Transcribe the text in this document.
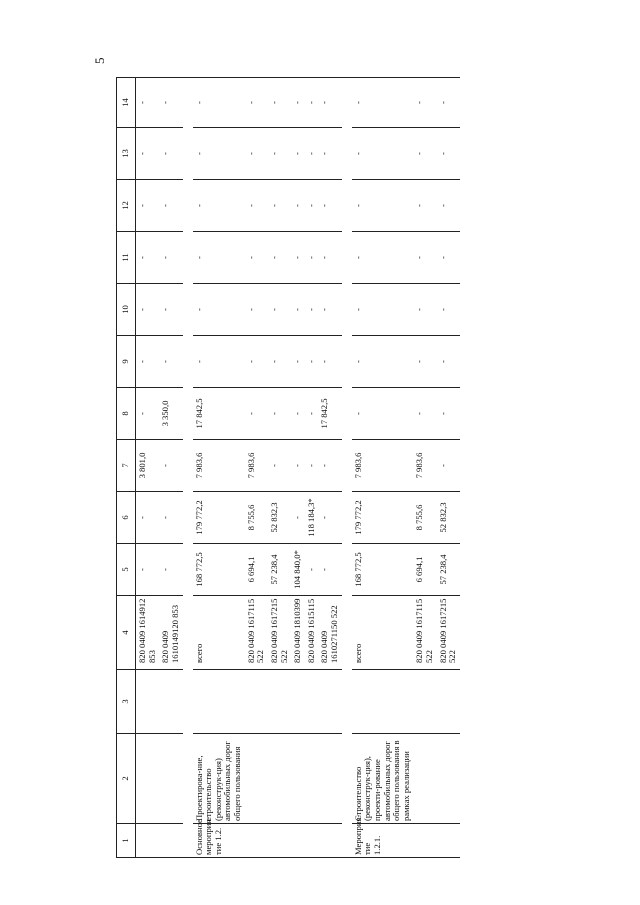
5
1	2	3	4	5	6	7	8	9	10	11	12	13	14
			820 0409 1614912 853	-	-	3 801,0	-	-	-	-	-	-	-
			820 0409 1610149120 853	-	-	-	3 350,0	-	-	-	-	-	-

Основное мероприя-тие 1.2.	Проектирова-ние, строительство (реконструк-ция) автомобильных дорог общего пользования		всего	168 772,5	179 772,2	7 983,6	17 842,5	-	-	-	-	-	-
			820 0409 1617115 522	6 694,1	8 755,6	7 983,6	-	-	-	-	-	-	-
			820 0409 1617215 522	57 238,4	52 832,3	-	-	-	-	-	-	-	-
			820 0409 1810399	104 840,0*	-	-	-	-	-	-	-	-	-
			820 0409 1615115	-	118 184,3*	-	-	-	-	-	-	-	-
			820 0409 1610271150 522	-	-	-	17 842,5	-	-	-	-	-	-

Мероприя-тие 1.2.1.	Строительство (реконструк-ция), проекти-рование автомобильных дорог общего пользования в рамках реализации		всего	168 772,5	179 772,2	7 983,6	-	-	-	-	-	-	-
			820 0409 1617115 522	6 694,1	8 755,6	7 983,6	-	-	-	-	-	-	-
			820 0409 1617215 522	57 238,4	52 832,3	-	-	-	-	-	-	-	-
